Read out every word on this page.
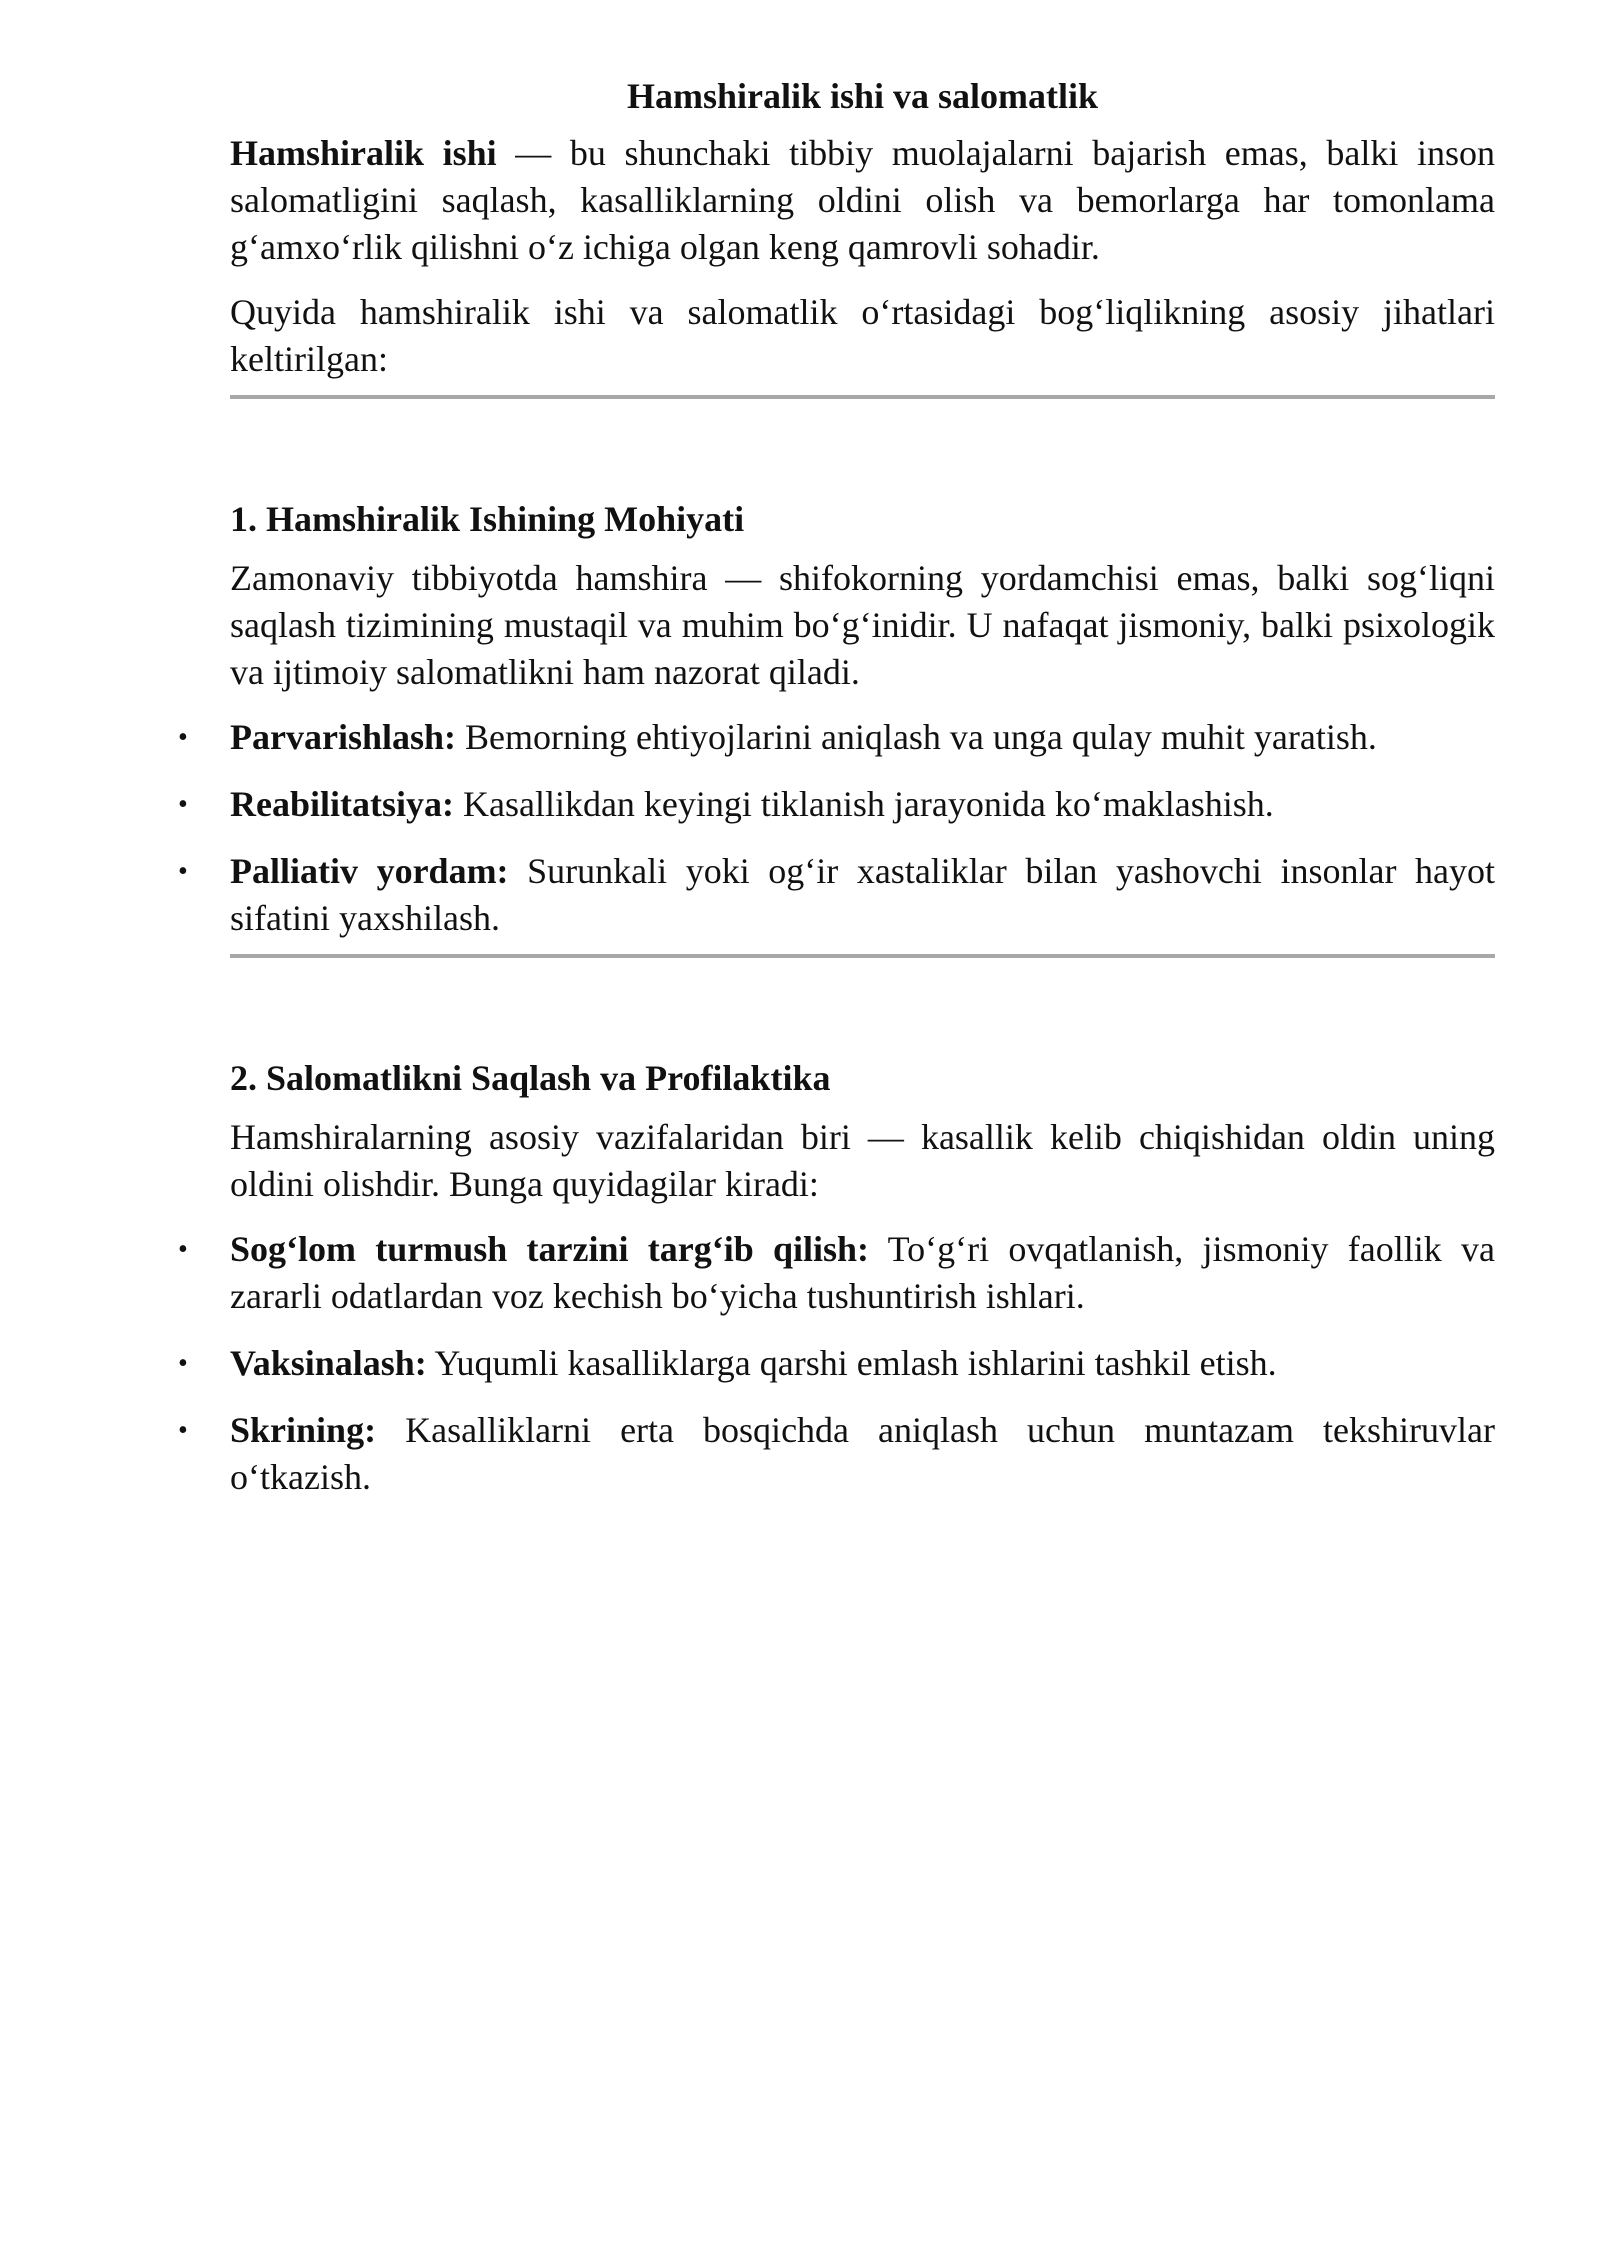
Hamshiralik ishi va salomatlik

Hamshiralik ishi — bu shunchaki tibbiy muolajalarni bajarish emas, balki inson salomatligini saqlash, kasalliklarning oldini olish va bemorlarga har tomonlama g‘amxo‘rlik qilishni o‘z ichiga olgan keng qamrovli sohadir.

Quyida hamshiralik ishi va salomatlik o‘rtasidagi bog‘liqlikning asosiy jihatlari keltirilgan:

1. Hamshiralik Ishining Mohiyati

Zamonaviy tibbiyotda hamshira — shifokorning yordamchisi emas, balki sog‘liqni saqlash tizimining mustaqil va muhim bo‘g‘inidir. U nafaqat jismoniy, balki psixologik va ijtimoiy salomatlikni ham nazorat qiladi.

• Parvarishlash: Bemorning ehtiyojlarini aniqlash va unga qulay muhit yaratish.
• Reabilitatsiya: Kasallikdan keyingi tiklanish jarayonida ko‘maklashish.
• Palliativ yordam: Surunkali yoki og‘ir xastaliklar bilan yashovchi insonlar hayot sifatini yaxshilash.
2. Salomatlikni Saqlash va Profilaktika

Hamshiralarning asosiy vazifalaridan biri — kasallik kelib chiqishidan oldin uning oldini olishdir. Bunga quyidagilar kiradi:

• Sog‘lom turmush tarzini targ‘ib qilish: To‘g‘ri ovqatlanish, jismoniy faollik va zararli odatlardan voz kechish bo‘yicha tushuntirish ishlari.
• Vaksinalash: Yuqumli kasalliklarga qarshi emlash ishlarini tashkil etish.
• Skrining: Kasalliklarni erta bosqichda aniqlash uchun muntazam tekshiruvlar o‘tkazish.
